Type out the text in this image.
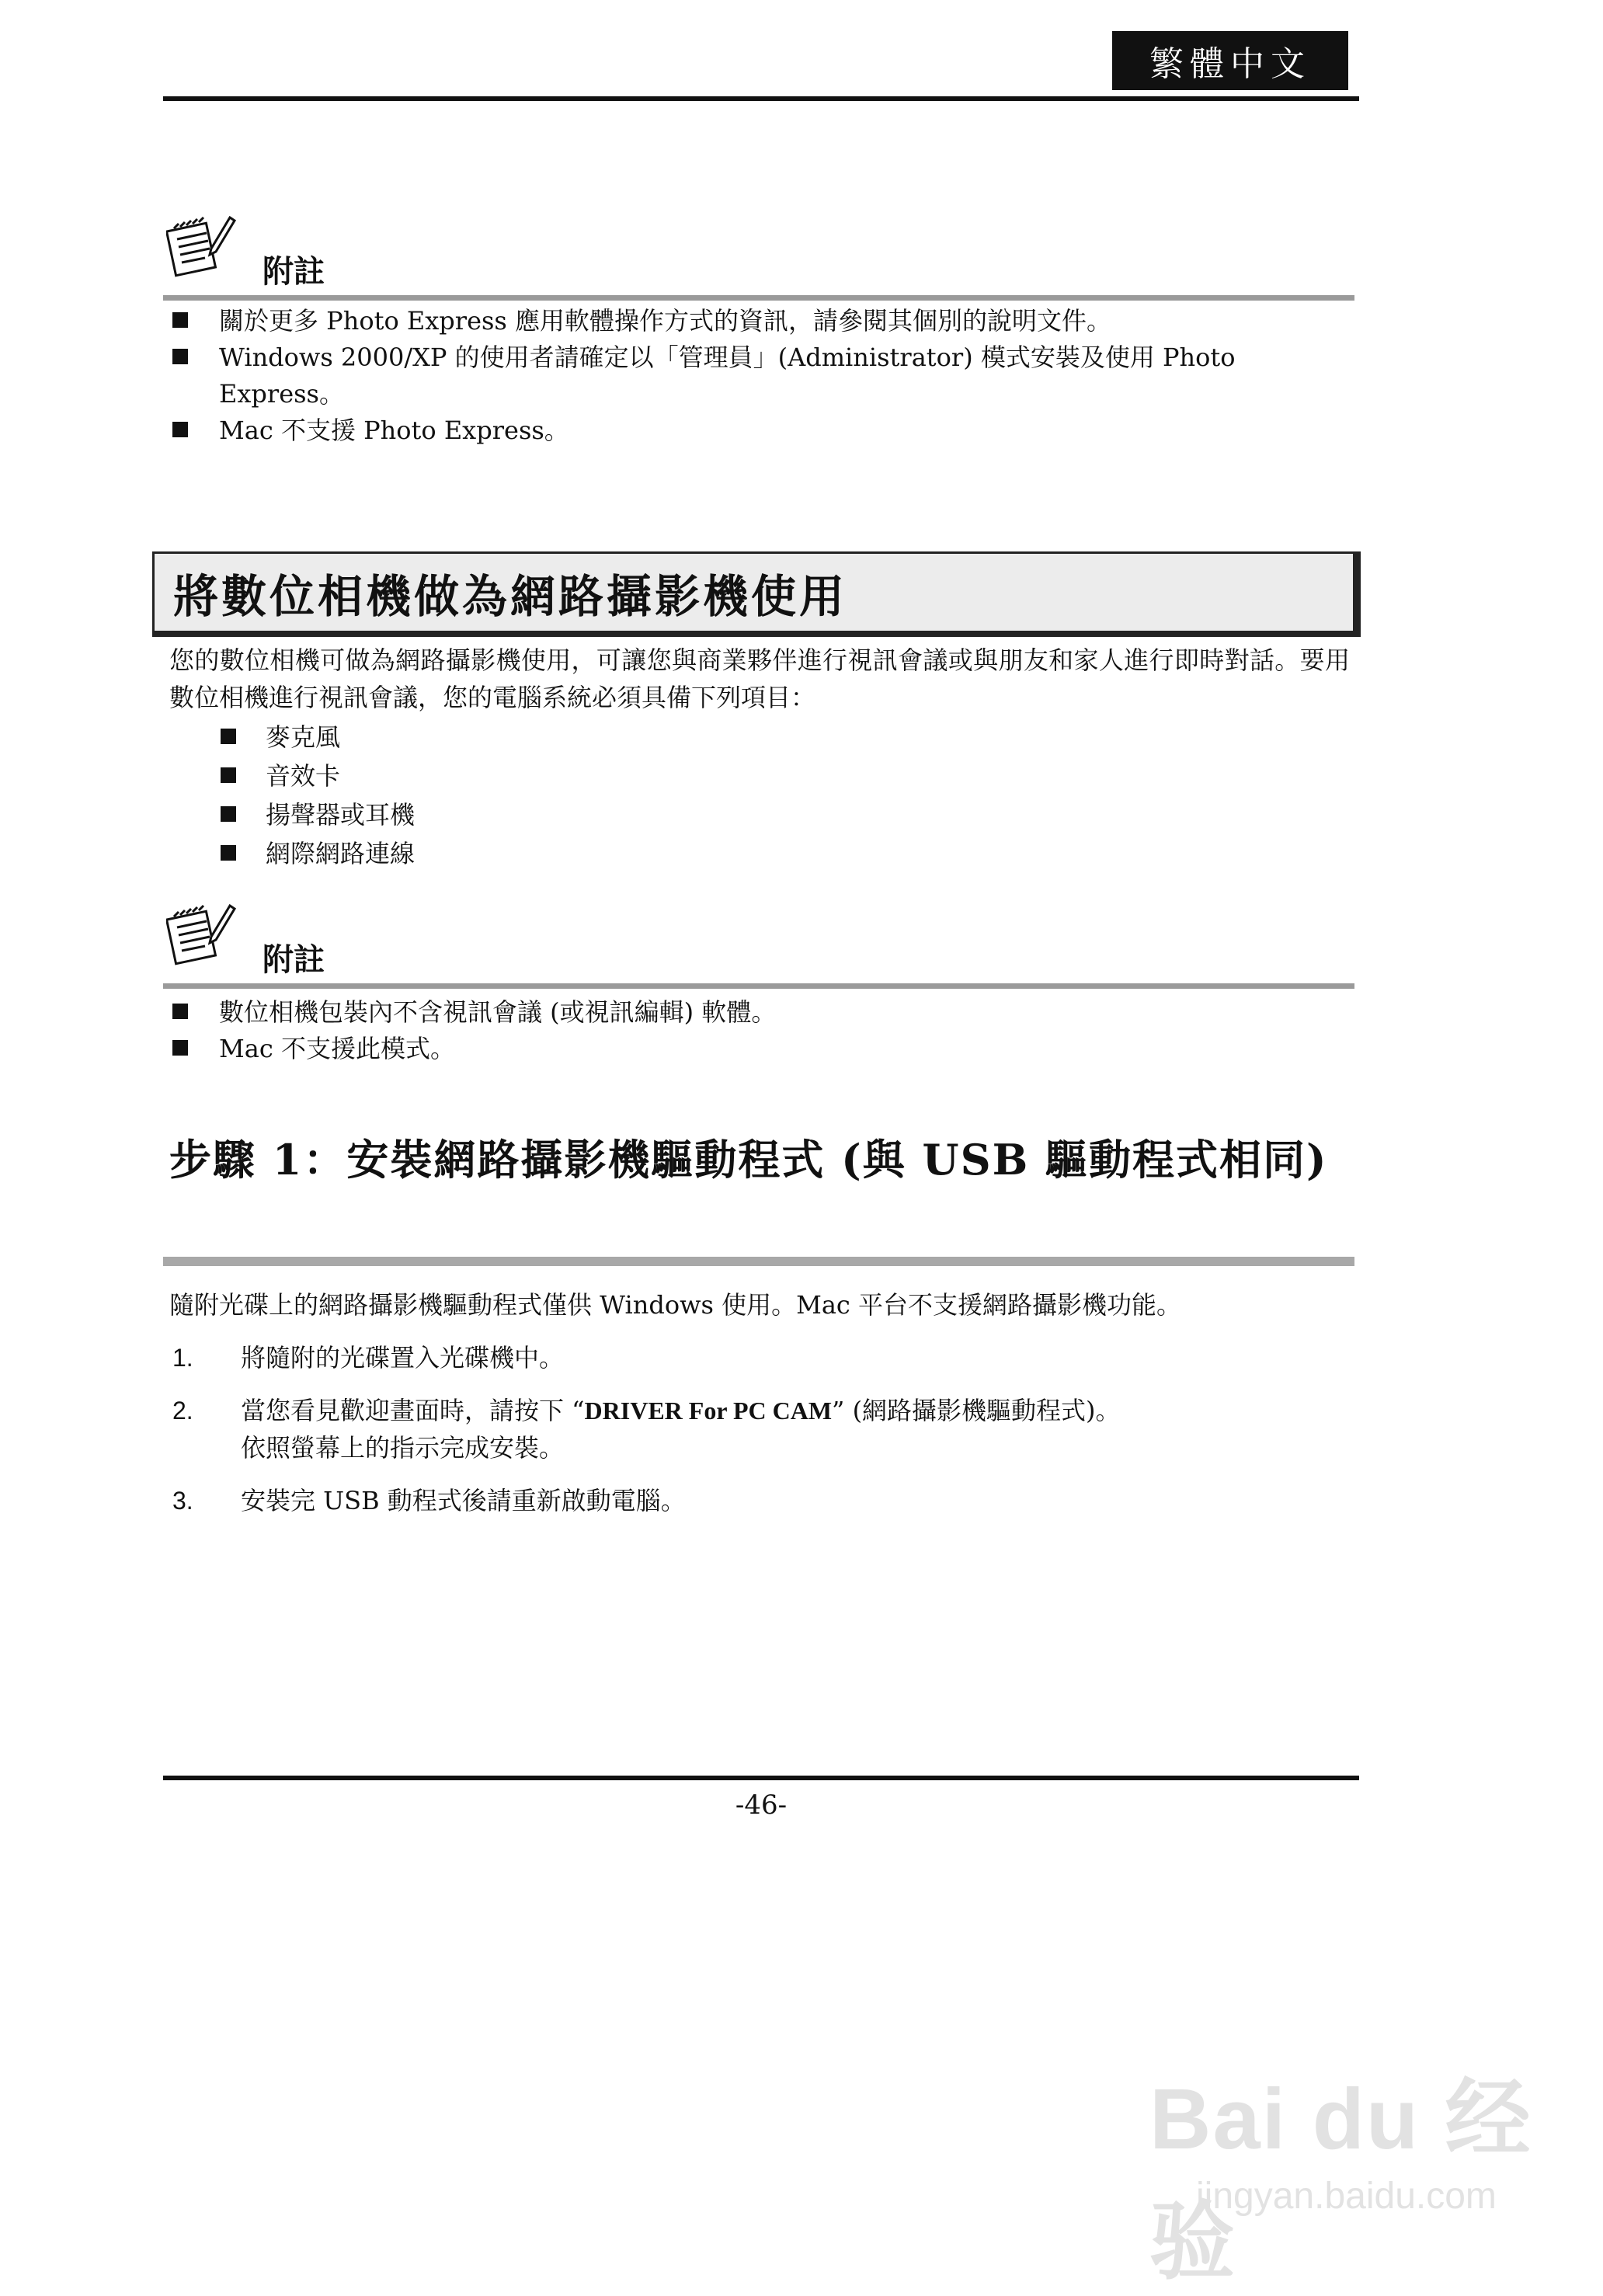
繁體中文
附註
關於更多 Photo Express 應用軟體操作方式的資訊，請參閱其個別的說明文件。
Windows 2000/XP 的使用者請確定以「管理員」(Administrator) 模式安裝及使用 Photo Express。
Mac 不支援 Photo Express。
將數位相機做為網路攝影機使用
您的數位相機可做為網路攝影機使用，可讓您與商業夥伴進行視訊會議或與朋友和家人進行即時對話。要用數位相機進行視訊會議，您的電腦系統必須具備下列項目：
麥克風
音效卡
揚聲器或耳機
網際網路連線
附註
數位相機包裝內不含視訊會議 (或視訊編輯) 軟體。
Mac 不支援此模式。
步驟 1：安裝網路攝影機驅動程式 (與 USB 驅動程式相同)
隨附光碟上的網路攝影機驅動程式僅供 Windows 使用。Mac 平台不支援網路攝影機功能。
1. 將隨附的光碟置入光碟機中。
2. 當您看見歡迎畫面時，請按下 “DRIVER For PC CAM” (網路攝影機驅動程式)。
依照螢幕上的指示完成安裝。
3. 安裝完 USB 動程式後請重新啟動電腦。
-46-
Bai du 经验
jingyan.baidu.com
